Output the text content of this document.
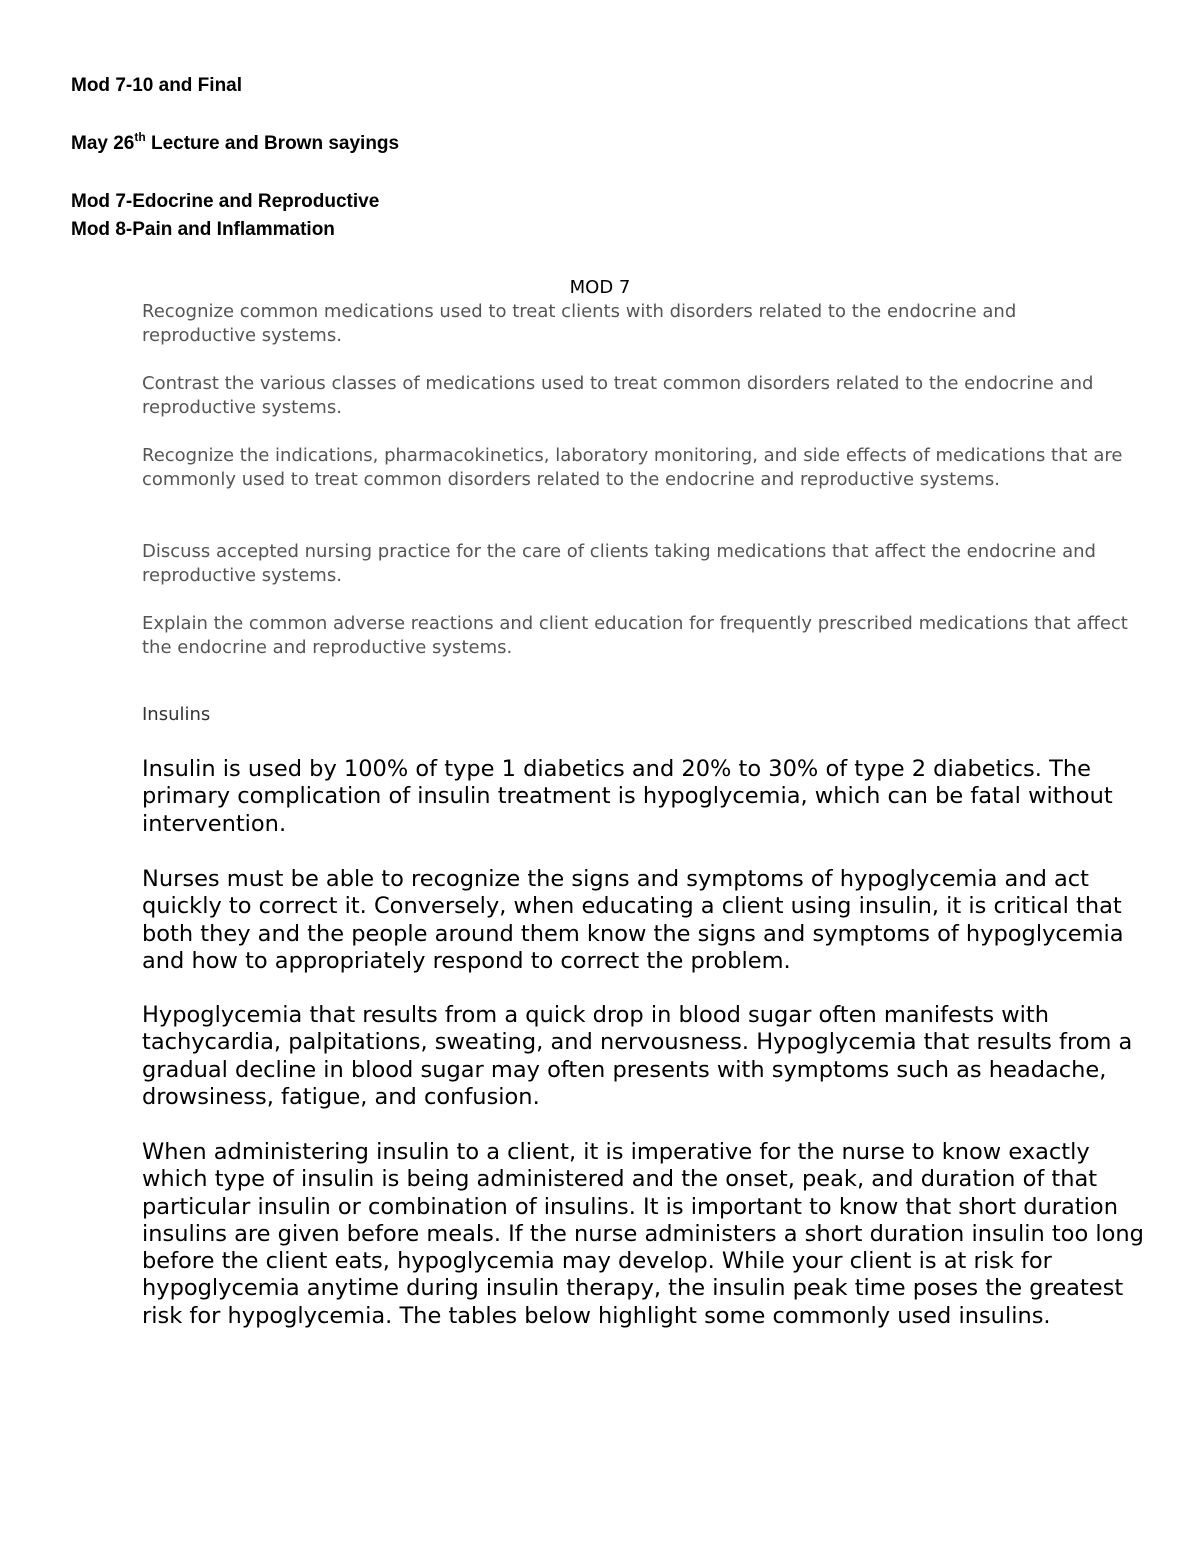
Mod 7-10 and Final
May 26th Lecture and Brown sayings
Mod 7-Edocrine and Reproductive
Mod 8-Pain and Inflammation
MOD 7

Recognize common medications used to treat clients with disorders related to the endocrine and reproductive systems.

Contrast the various classes of medications used to treat common disorders related to the endocrine and reproductive systems.

Recognize the indications, pharmacokinetics, laboratory monitoring, and side effects of medications that are commonly used to treat common disorders related to the endocrine and reproductive systems.

Discuss accepted nursing practice for the care of clients taking medications that affect the endocrine and reproductive systems.

Explain the common adverse reactions and client education for frequently prescribed medications that affect the endocrine and reproductive systems.

Insulins

Insulin is used by 100% of type 1 diabetics and 20% to 30% of type 2 diabetics. The primary complication of insulin treatment is hypoglycemia, which can be fatal without intervention.

Nurses must be able to recognize the signs and symptoms of hypoglycemia and act quickly to correct it. Conversely, when educating a client using insulin, it is critical that both they and the people around them know the signs and symptoms of hypoglycemia and how to appropriately respond to correct the problem.

Hypoglycemia that results from a quick drop in blood sugar often manifests with tachycardia, palpitations, sweating, and nervousness. Hypoglycemia that results from a gradual decline in blood sugar may often presents with symptoms such as headache, drowsiness, fatigue, and confusion.

When administering insulin to a client, it is imperative for the nurse to know exactly which type of insulin is being administered and the onset, peak, and duration of that particular insulin or combination of insulins. It is important to know that short duration insulins are given before meals. If the nurse administers a short duration insulin too long before the client eats, hypoglycemia may develop. While your client is at risk for hypoglycemia anytime during insulin therapy, the insulin peak time poses the greatest risk for hypoglycemia. The tables below highlight some commonly used insulins.
